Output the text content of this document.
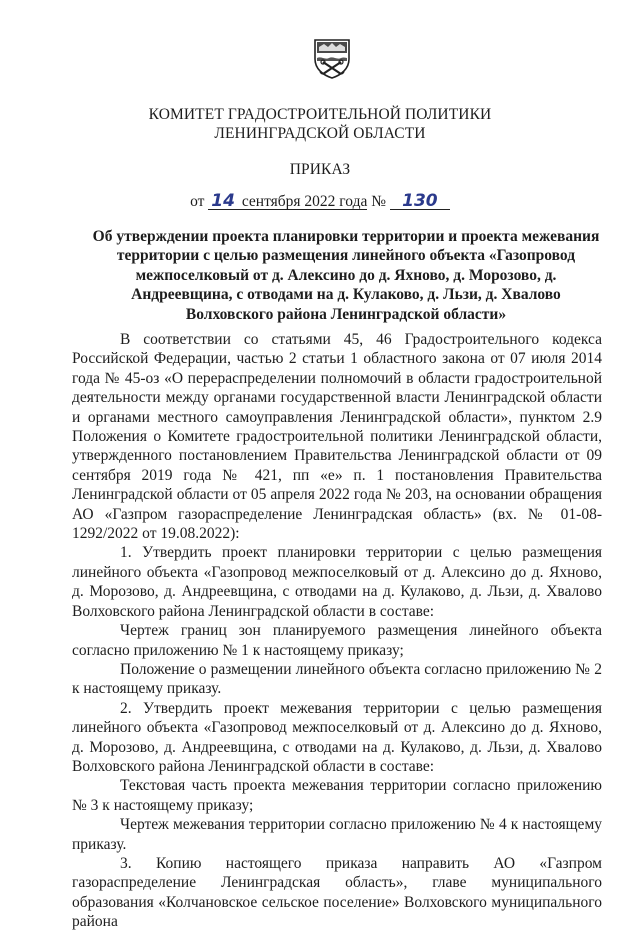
КОМИТЕТ ГРАДОСТРОИТЕЛЬНОЙ ПОЛИТИКИ
ЛЕНИНГРАДСКОЙ ОБЛАСТИ
ПРИКАЗ
от 14 сентября 2022 года № 130
Об утверждении проекта планировки территории и проекта межевания территории с целью размещения линейного объекта «Газопровод межпоселковый от д. Алексино до д. Яхново, д. Морозово, д. Андреевщина, с отводами на д. Кулаково, д. Льзи, д. Хвалово Волховского района Ленинградской области»

В соответствии со статьями 45, 46 Градостроительного кодекса Российской Федерации, частью 2 статьи 1 областного закона от 07 июля 2014 года № 45-оз «О перераспределении полномочий в области градостроительной деятельности между органами государственной власти Ленинградской области и органами местного самоуправления Ленинградской области», пунктом 2.9 Положения о Комитете градостроительной политики Ленинградской области, утвержденного постановлением Правительства Ленинградской области от 09 сентября 2019 года № 421, пп «е» п. 1 постановления Правительства Ленинградской области от 05 апреля 2022 года № 203, на основании обращения АО «Газпром газораспределение Ленинградская область» (вх. № 01-08-1292/2022 от 19.08.2022):

1. Утвердить проект планировки территории с целью размещения линейного объекта «Газопровод межпоселковый от д. Алексино до д. Яхново, д. Морозово, д. Андреевщина, с отводами на д. Кулаково, д. Льзи, д. Хвалово Волховского района Ленинградской области в составе:

Чертеж границ зон планируемого размещения линейного объекта согласно приложению № 1 к настоящему приказу;

Положение о размещении линейного объекта согласно приложению № 2 к настоящему приказу.

2. Утвердить проект межевания территории с целью размещения линейного объекта «Газопровод межпоселковый от д. Алексино до д. Яхново, д. Морозово, д. Андреевщина, с отводами на д. Кулаково, д. Льзи, д. Хвалово Волховского района Ленинградской области в составе:

Текстовая часть проекта межевания территории согласно приложению № 3 к настоящему приказу;

Чертеж межевания территории согласно приложению № 4 к настоящему приказу.

3. Копию настоящего приказа направить АО «Газпром газораспределение Ленинградская область», главе муниципального образования «Колчановское сельское поселение» Волховского муниципального района
